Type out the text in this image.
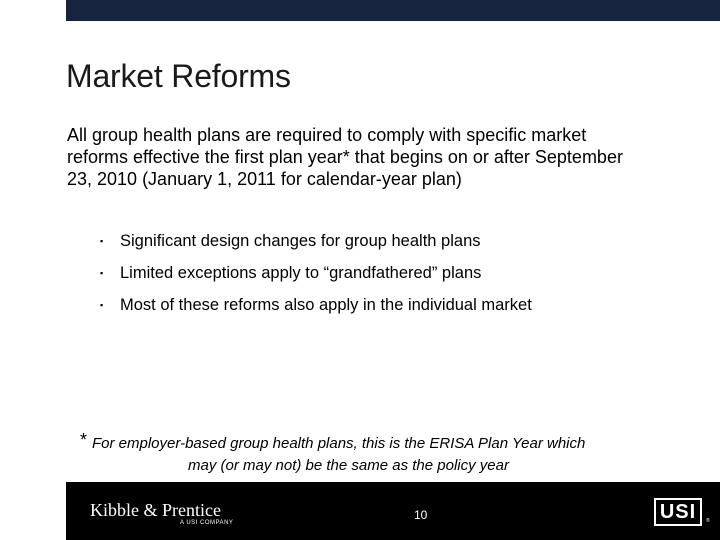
Market Reforms
All group health plans are required to comply with specific market reforms effective the first plan year* that begins on or after September 23, 2010 (January 1, 2011 for calendar-year plan)
▪	Significant design changes for group health plans
▪	Limited exceptions apply to “grandfathered” plans
▪	Most of these reforms also apply in the individual market
* For employer-based group health plans, this is the ERISA Plan Year which
may (or may not) be the same as the policy year
Kibble & Prentice
A USI COMPANY
10	USI	®
